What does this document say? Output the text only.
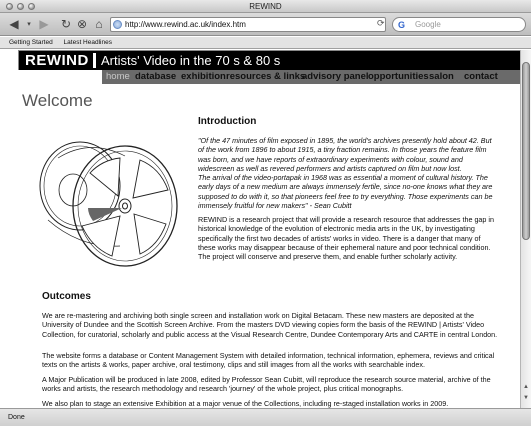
REWIND
◀	▾ ▶ ↻ ⊗ ⌂	http://www.rewind.ac.uk/index.htm	⟳ G Google
Getting Started Latest Headlines
REWIND Artists' Video in the 70 s & 80 s
home database exhibition resources & links
advisory panel opportunities salon contact
Welcome
Introduction

"Of the 47 minutes of film exposed in 1895, the world's archives presently hold about 42. But of the work from 1896 to about 1915, a tiny fraction remains. In those years the feature film was born, and we have reports of extraordinary experiments with colour, sound and widescreen as well as revered performers and artists captured on film but now lost.

The arrival of the video-portapak in 1968 was as essential a moment of cultural history. The early days of a new medium are always immensely fertile, since no-one knows what they are supposed to do with it, so that pioneers feel free to try everything. Those experiments can be immensely fruitful for new makers" - Sean Cubitt

REWIND is a research project that will provide a research resource that addresses the gap in historical knowledge of the evolution of electronic media arts in the UK, by investigating specifically the first two decades of artists' works in video. There is a danger that many of these works may disappear because of their ephemeral nature and poor technical condition. The project will conserve and preserve them, and enable further scholarly activity.
Outcomes
We are re-mastering and archiving both single screen and installation work on Digital Betacam. These new masters are deposited at the University of Dundee and the Scottish Screen Archive. From the masters DVD viewing copies form the basis of the REWIND | Artists' Video Collection, for curatorial, scholarly and public access at the Visual Research Centre, Dundee Contemporary Arts and CARTE in central London.
The website forms a database or Content Management System with detailed information, technical information, ephemera, reviews and critical texts on the artists & works, paper archive, oral testimony, clips and still images from all the works with searchable index.
A Major Publication will be produced in late 2008, edited by Professor Sean Cubitt, will reproduce the research source material, archive of the works and artists, the research methodology and research 'journey' of the whole project, plus critical monographs.
We also plan to stage an extensive Exhibition at a major venue of the Collections, including re-staged installation works in 2009.
▲
▼
Done
